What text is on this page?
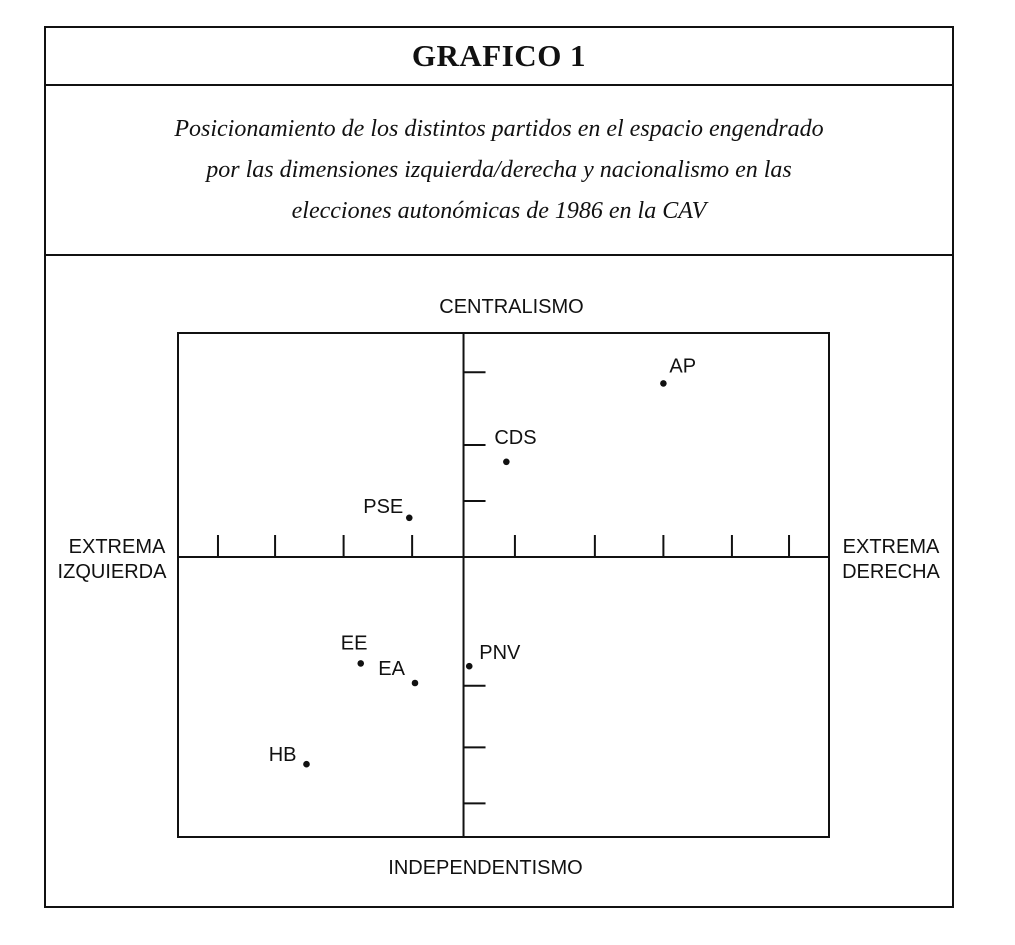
GRAFICO 1
Posicionamiento de los distintos partidos en el espacio engendrado
por las dimensiones izquierda/derecha y nacionalismo en las
elecciones autonómicas de 1986 en la CAV
AP
CDS
PSE
EE
EA
PNV
HB
CENTRALISMO
INDEPENDENTISMO
EXTREMA
IZQUIERDA
EXTREMA
DERECHA
